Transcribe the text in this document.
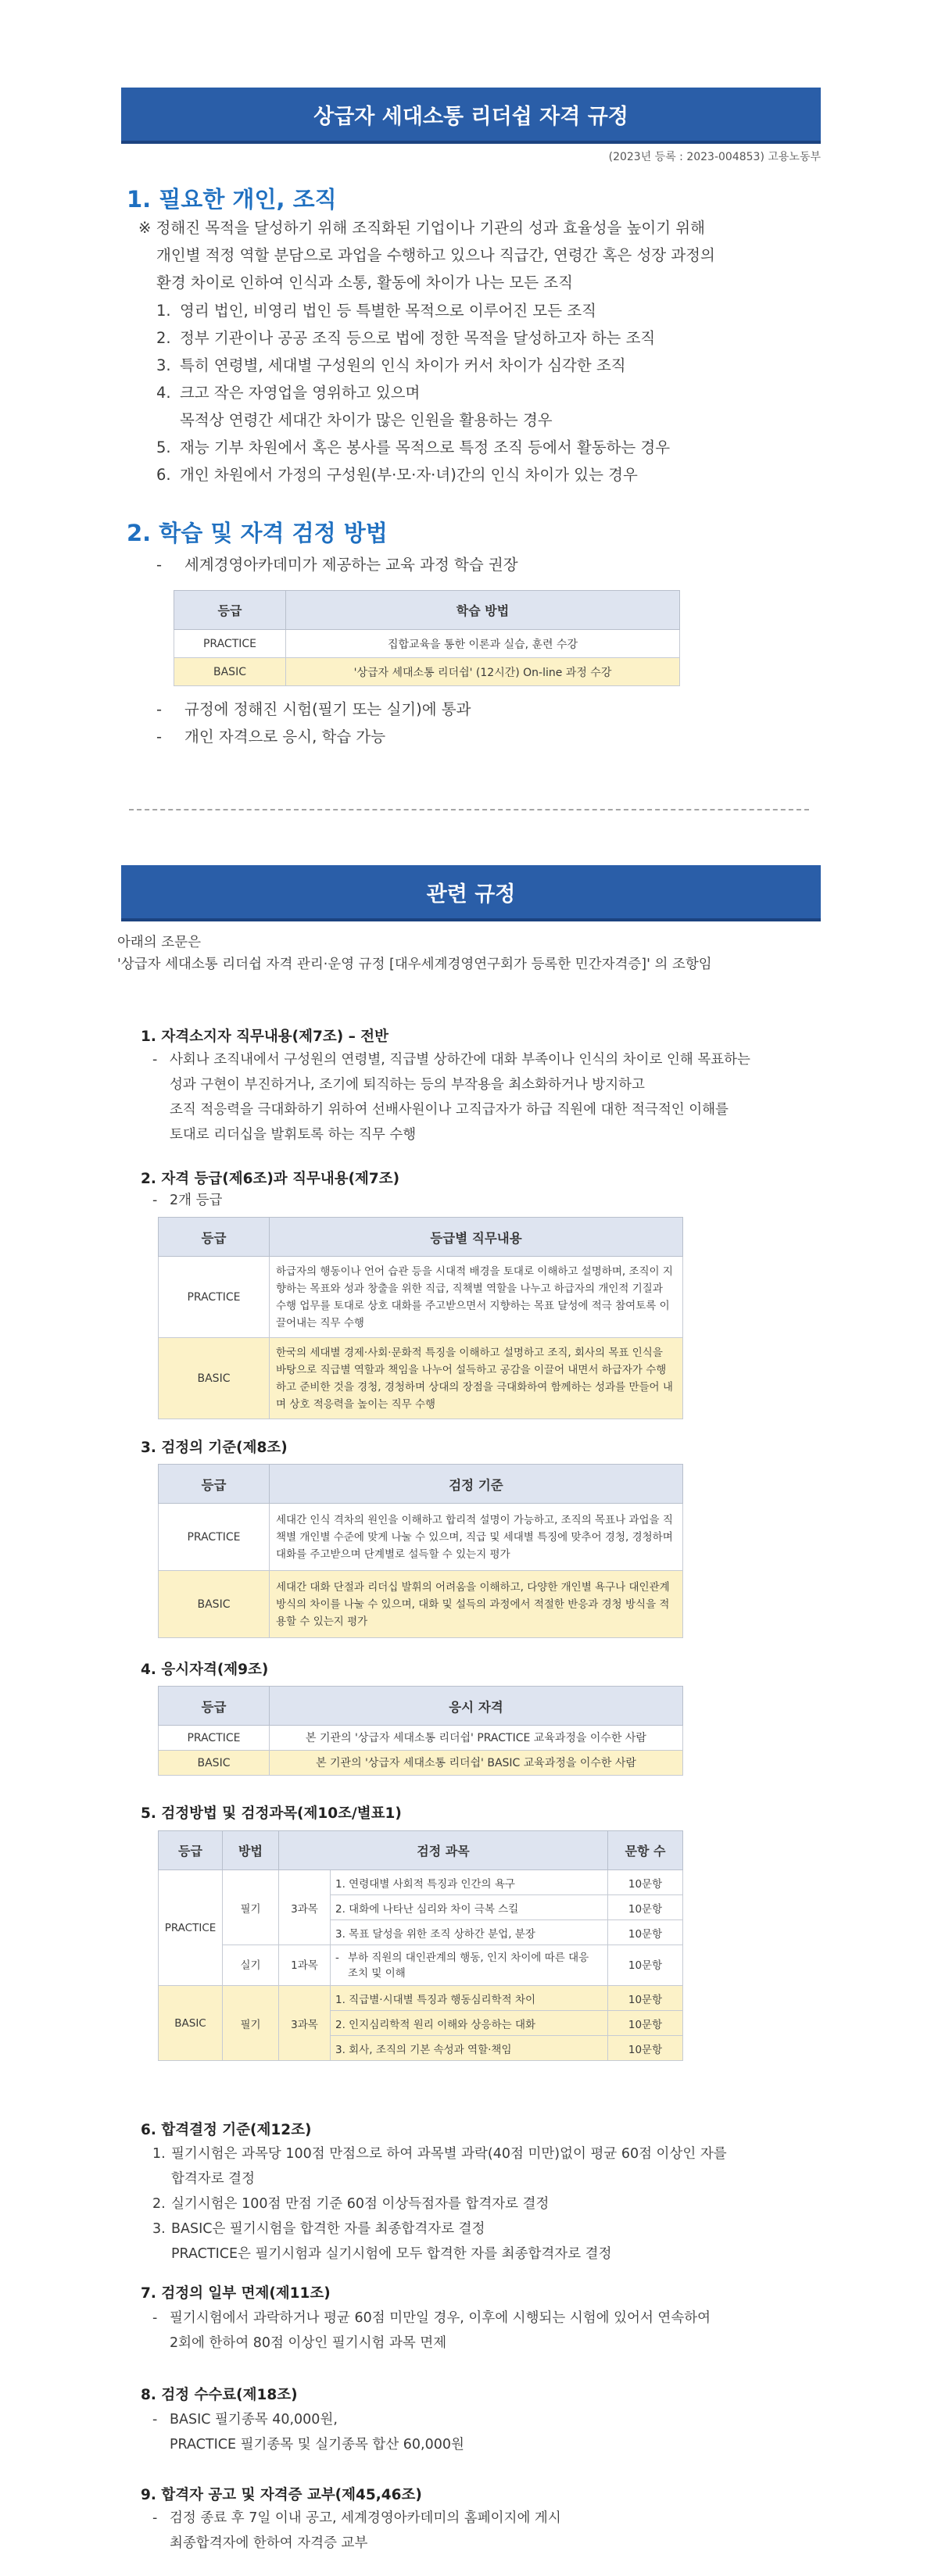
상급자 세대소통 리더쉽 자격 규정
(2023년 등록 : 2023-004853) 고용노동부
1. 필요한 개인, 조직
※ 정해진 목적을 달성하기 위해 조직화된 기업이나 기관의 성과 효율성을 높이기 위해
개인별 적정 역할 분담으로 과업을 수행하고 있으나 직급간, 연령간 혹은 성장 과정의
환경 차이로 인하여 인식과 소통, 활동에 차이가 나는 모든 조직
1. 영리 법인, 비영리 법인 등 특별한 목적으로 이루어진 모든 조직
2. 정부 기관이나 공공 조직 등으로 법에 정한 목적을 달성하고자 하는 조직
3. 특히 연령별, 세대별 구성원의 인식 차이가 커서 차이가 심각한 조직
4. 크고 작은 자영업을 영위하고 있으며
목적상 연령간 세대간 차이가 많은 인원을 활용하는 경우
5. 재능 기부 차원에서 혹은 봉사를 목적으로 특정 조직 등에서 활동하는 경우
6. 개인 차원에서 가정의 구성원(부·모·자·녀)간의 인식 차이가 있는 경우
2. 학습 및 자격 검정 방법
- 세계경영아카데미가 제공하는 교육 과정 학습 권장
등급	학습 방법
PRACTICE	집합교육을 통한 이론과 실습, 훈련 수강
BASIC	'상급자 세대소통 리더쉽' (12시간) On-line 과정 수강
- 규정에 정해진 시험(필기 또는 실기)에 통과
- 개인 자격으로 응시, 학습 가능
관련 규정
아래의 조문은
'상급자 세대소통 리더쉽 자격 관리·운영 규정 [대우세계경영연구회가 등록한 민간자격증]' 의 조항임
1. 자격소지자 직무내용(제7조) – 전반
- 사회나 조직내에서 구성원의 연령별, 직급별 상하간에 대화 부족이나 인식의 차이로 인해 목표하는
성과 구현이 부진하거나, 조기에 퇴직하는 등의 부작용을 최소화하거나 방지하고
조직 적응력을 극대화하기 위하여 선배사원이나 고직급자가 하급 직원에 대한 적극적인 이해를
토대로 리더십을 발휘토록 하는 직무 수행
2. 자격 등급(제6조)과 직무내용(제7조)
- 2개 등급
등급	등급별 직무내용
PRACTICE	하급자의 행동이나 언어 습관 등을 시대적 배경을 토대로 이해하고 설명하며, 조직이 지향하는 목표와 성과 창출을 위한 직급, 직책별 역할을 나누고 하급자의 개인적 기질과 수행 업무를 토대로 상호 대화를 주고받으면서 지향하는 목표 달성에 적극 참여토록 이끌어내는 직무 수행
BASIC	한국의 세대별 경제·사회·문화적 특징을 이해하고 설명하고 조직, 회사의 목표 인식을 바탕으로 직급별 역할과 책임을 나누어 설득하고 공감을 이끌어 내면서 하급자가 수행하고 준비한 것을 경청, 경청하며 상대의 장점을 극대화하여 함께하는 성과를 만들어 내며 상호 적응력을 높이는 직무 수행
3. 검정의 기준(제8조)
등급	검정 기준
PRACTICE	세대간 인식 격차의 원인을 이해하고 합리적 설명이 가능하고, 조직의 목표나 과업을 직책별 개인별 수준에 맞게 나눌 수 있으며, 직급 및 세대별 특징에 맞추어 경청, 경청하며 대화를 주고받으며 단계별로 설득할 수 있는지 평가
BASIC	세대간 대화 단절과 리더십 발휘의 어려움을 이해하고, 다양한 개인별 욕구나 대인관계 방식의 차이를 나눌 수 있으며, 대화 및 설득의 과정에서 적절한 반응과 경청 방식을 적용할 수 있는지 평가
4. 응시자격(제9조)
등급	응시 자격
PRACTICE	본 기관의 '상급자 세대소통 리더쉽' PRACTICE 교육과정을 이수한 사람
BASIC	본 기관의 '상급자 세대소통 리더쉽' BASIC 교육과정을 이수한 사람
5. 검정방법 및 검정과목(제10조/별표1)
등급	방법	검정 과목		문항 수
PRACTICE	필기	3과목	1. 연령대별 사회적 특징과 인간의 욕구	10문항
			2. 대화에 나타난 심리와 차이 극복 스킬	10문항
			3. 목표 달성을 위한 조직 상하간 분업, 분장	10문항
	실기	1과목	- 부하 직원의 대인관계의 행동, 인지 차이에 따른 대응 조치 및 이해	10문항
BASIC	필기	3과목	1. 직급별·시대별 특징과 행동심리학적 차이	10문항
			2. 인지심리학적 원리 이해와 상응하는 대화	10문항
			3. 회사, 조직의 기본 속성과 역할·책임	10문항
6. 합격결정 기준(제12조)
1. 필기시험은 과목당 100점 만점으로 하여 과목별 과락(40점 미만)없이 평균 60점 이상인 자를
합격자로 결정
2. 실기시험은 100점 만점 기준 60점 이상득점자를 합격자로 결정
3. BASIC은 필기시험을 합격한 자를 최종합격자로 결정
PRACTICE은 필기시험과 실기시험에 모두 합격한 자를 최종합격자로 결정
7. 검정의 일부 면제(제11조)
- 필기시험에서 과락하거나 평균 60점 미만일 경우, 이후에 시행되는 시험에 있어서 연속하여
2회에 한하여 80점 이상인 필기시험 과목 면제
8. 검정 수수료(제18조)
- BASIC 필기종목 40,000원,
PRACTICE 필기종목 및 실기종목 합산 60,000원
9. 합격자 공고 및 자격증 교부(제45,46조)
- 검정 종료 후 7일 이내 공고, 세계경영아카데미의 홈페이지에 게시
최종합격자에 한하여 자격증 교부
